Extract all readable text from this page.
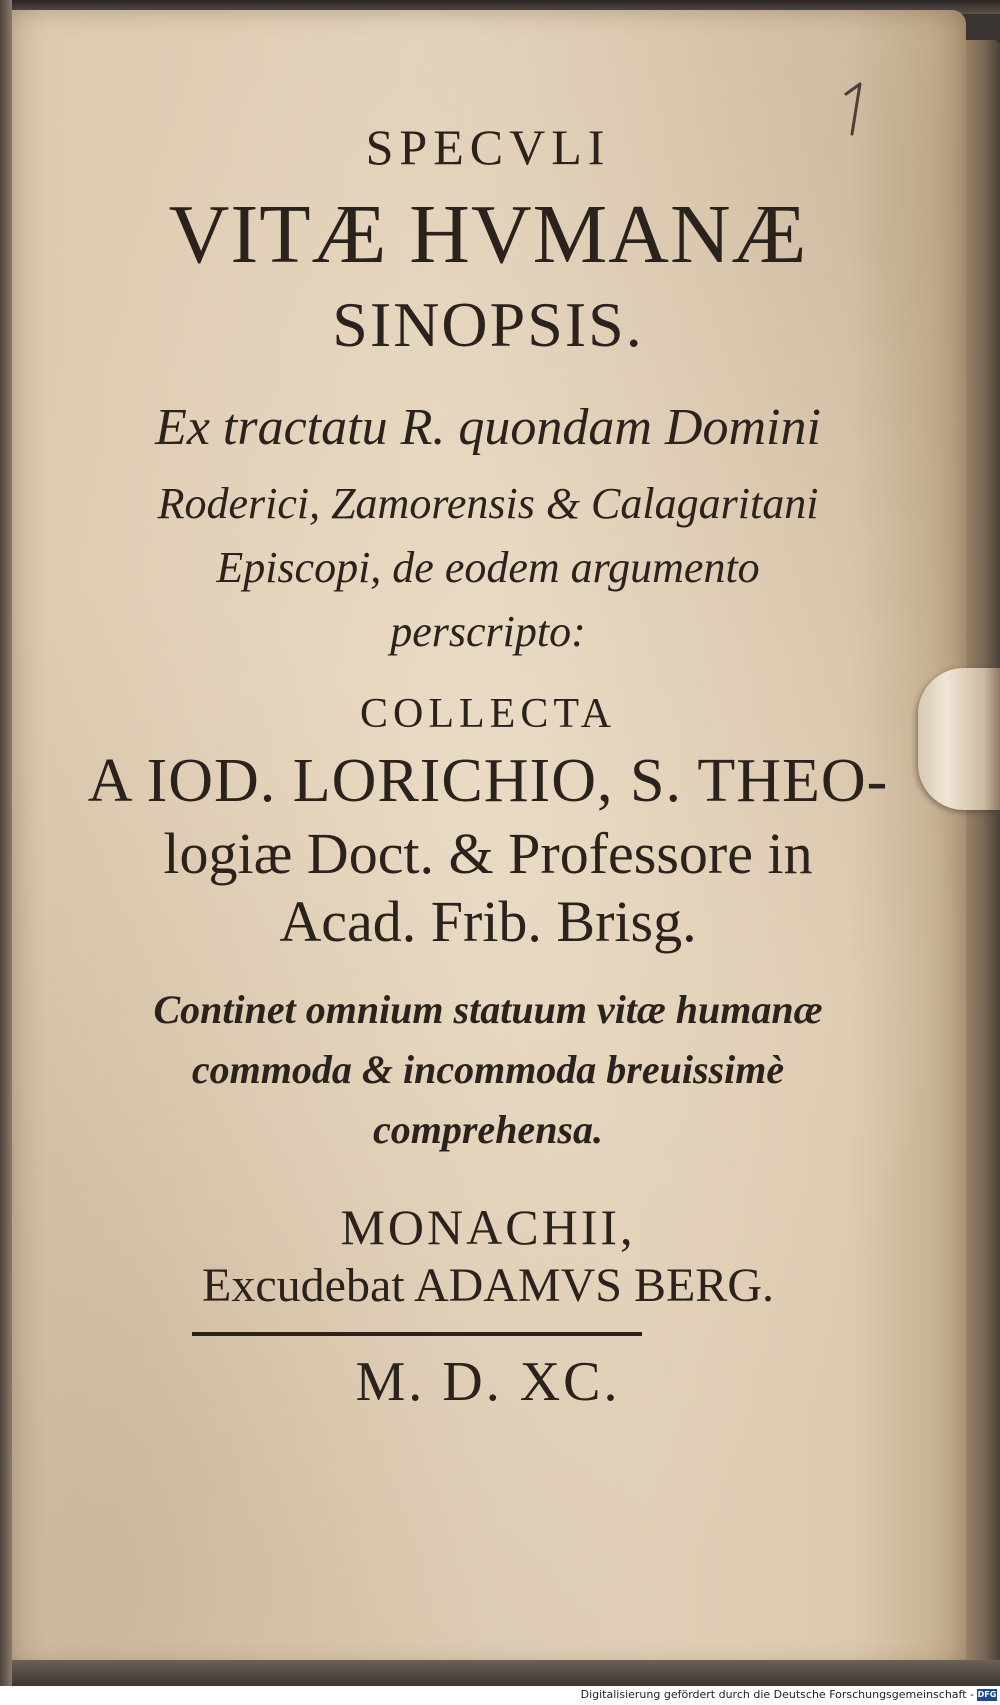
SPECVLI
VITÆ HVMANÆ
SINOPSIS.
Ex tractatu R. quondam Domini
Roderici, Zamorensis & Calagaritani
Episcopi, de eodem argumento
perscripto:
COLLECTA
A IOD. LORICHIO, S. THEO-
logiæ Doct. & Professore in
Acad. Frib. Brisg.
Continet omnium statuum vitæ humanæ
commoda & incommoda breuissimè
comprehensa.
MONACHII,
Excudebat ADAMVS BERG.
M. D. XC.
Digitalisierung gefördert durch die Deutsche Forschungsgemeinschaft - DFG
